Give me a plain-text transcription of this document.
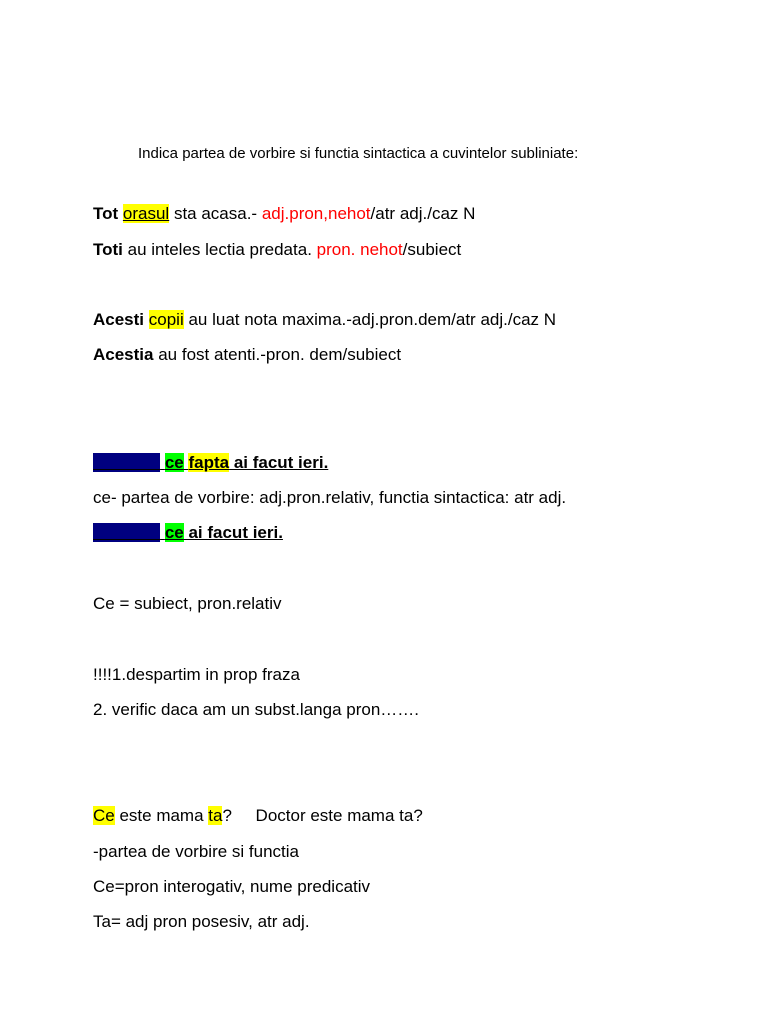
Indica partea de vorbire si functia sintactica a cuvintelor subliniate:
Tot orasul sta acasa.- adj.pron,nehot/atr adj./caz N
Toti au inteles lectia predata. pron. nehot/subiect
Acesti copii au luat nota maxima.-adj.pron.dem/atr adj./caz N
Acestia au fost atenti.-pron. dem/subiect
Am aflat ce fapta ai facut ieri.
ce- partea de vorbire: adj.pron.relativ, functia sintactica: atr adj.
Am aflat ce ai facut ieri.
Ce = subiect, pron.relativ
!!!!1.despartim in prop fraza
2. verific daca am un subst.langa pron…….
Ce este mama ta?     Doctor este mama ta?
-partea de vorbire si functia
Ce=pron interogativ, nume predicativ
Ta= adj pron posesiv, atr adj.
